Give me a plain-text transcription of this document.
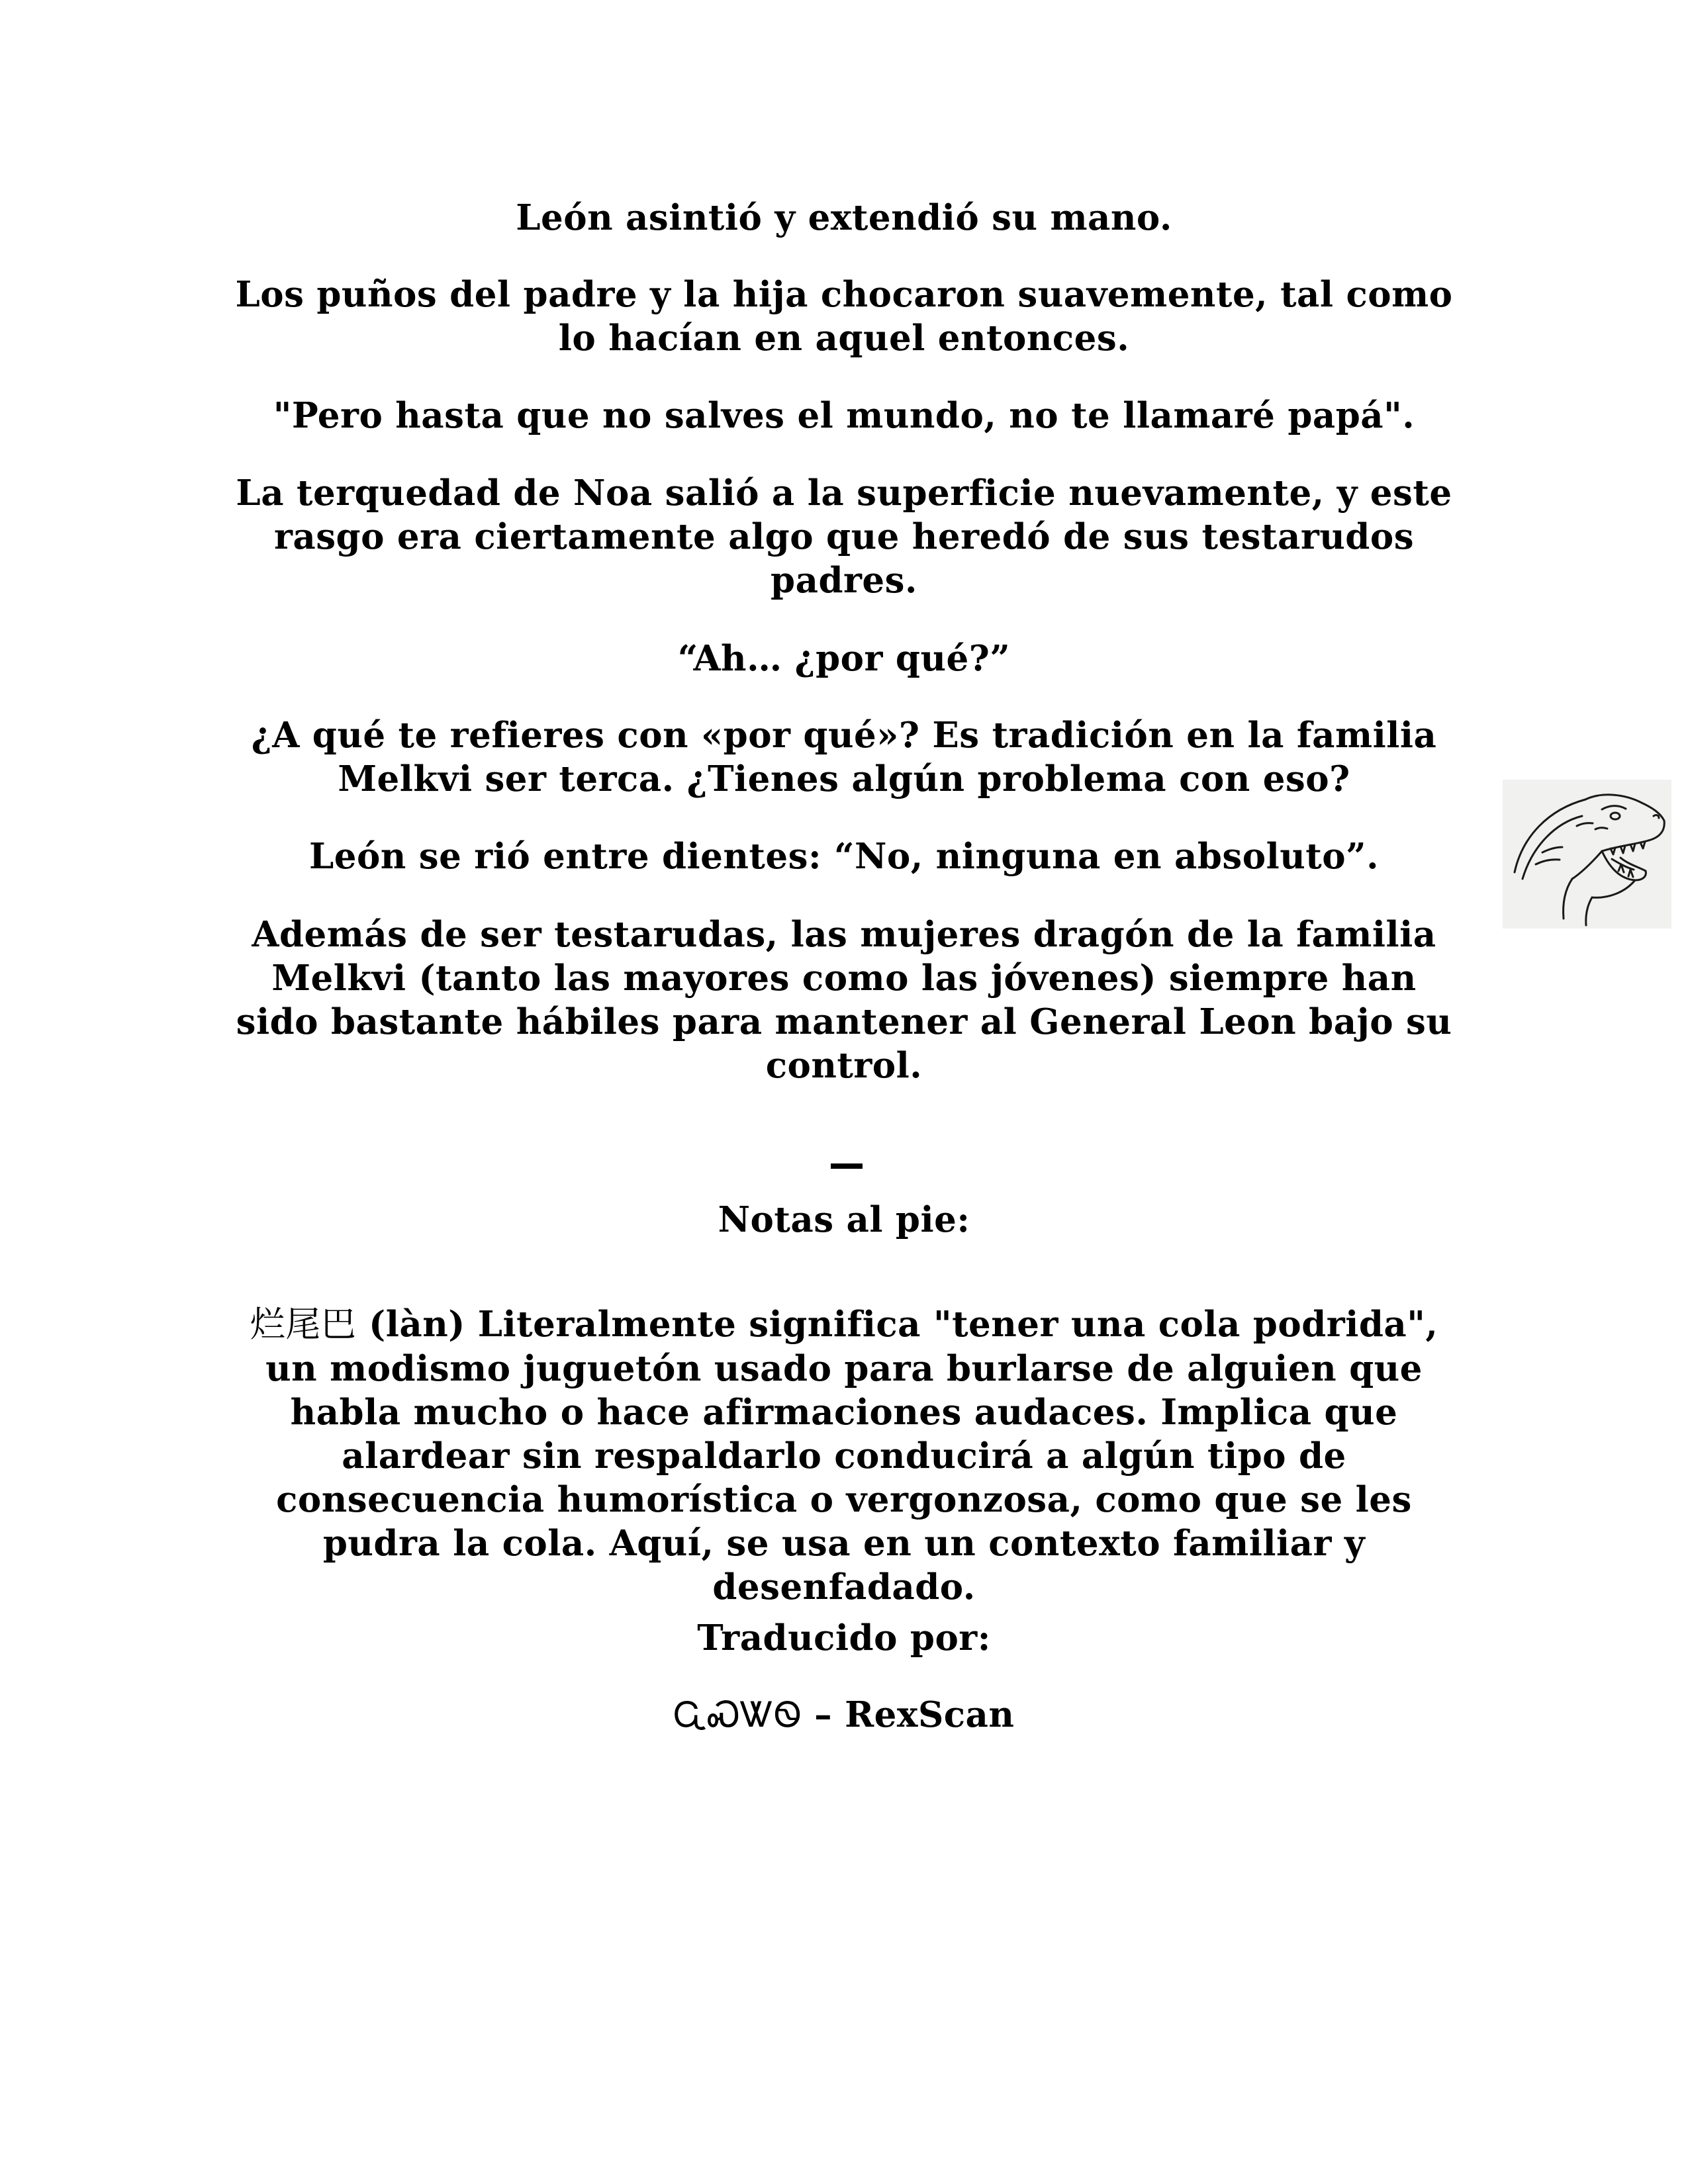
León asintió y extendió su mano.

Los puños del padre y la hija chocaron suavemente, tal como lo hacían en aquel entonces.

"Pero hasta que no salves el mundo, no te llamaré papá".

La terquedad de Noa salió a la superficie nuevamente, y este rasgo era ciertamente algo que heredó de sus testarudos padres.

“Ah… ¿por qué?”

¿A qué te refieres con «por qué»? Es tradición en la familia Melkvi ser terca. ¿Tienes algún problema con eso?

León se rió entre dientes: “No, ninguna en absoluto”.

Además de ser testarudas, las mujeres dragón de la familia Melkvi (tanto las mayores como las jóvenes) siempre han sido bastante hábiles para mantener al General Leon bajo su control.

Notas al pie:

烂尾巴 (làn) Literalmente significa "tener una cola podrida", un modismo juguetón usado para burlarse de alguien que habla mucho o hace afirmaciones audaces. Implica que alardear sin respaldarlo conducirá a algún tipo de consecuencia humorística o vergonzosa, como que se les pudra la cola. Aquí, se usa en un contexto familiar y desenfadado.

Traducido por:

ᏩᏍᏔᏫ – RexScan
